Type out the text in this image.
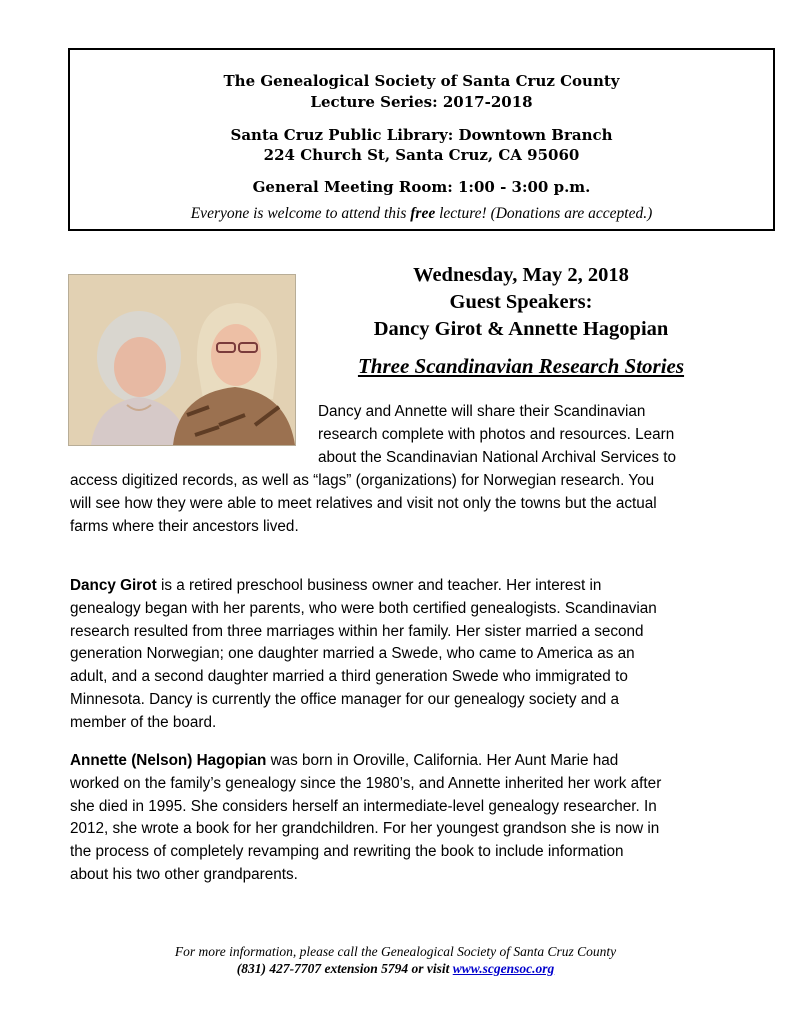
The Genealogical Society of Santa Cruz County
Lecture Series: 2017-2018
Santa Cruz Public Library: Downtown Branch
224 Church St, Santa Cruz, CA 95060
General Meeting Room: 1:00 - 3:00 p.m.
Everyone is welcome to attend this free lecture! (Donations are accepted.)
Wednesday, May 2, 2018
Guest Speakers:
Dancy Girot & Annette Hagopian
Three Scandinavian Research Stories
Dancy and Annette will share their Scandinavian
research complete with photos and resources. Learn
about the Scandinavian National Archival Services to
access digitized records, as well as “lags” (organizations) for Norwegian research. You
will see how they were able to meet relatives and visit not only the towns but the actual
farms where their ancestors lived.
Dancy Girot is a retired preschool business owner and teacher. Her interest in
genealogy began with her parents, who were both certified genealogists. Scandinavian
research resulted from three marriages within her family. Her sister married a second
generation Norwegian; one daughter married a Swede, who came to America as an
adult, and a second daughter married a third generation Swede who immigrated to
Minnesota. Dancy is currently the office manager for our genealogy society and a
member of the board.
Annette (Nelson) Hagopian was born in Oroville, California. Her Aunt Marie had
worked on the family’s genealogy since the 1980’s, and Annette inherited her work after
she died in 1995. She considers herself an intermediate-level genealogy researcher. In
2012, she wrote a book for her grandchildren. For her youngest grandson she is now in
the process of completely revamping and rewriting the book to include information
about his two other grandparents.
For more information, please call the Genealogical Society of Santa Cruz County
(831) 427-7707 extension 5794 or visit www.scgensoc.org
